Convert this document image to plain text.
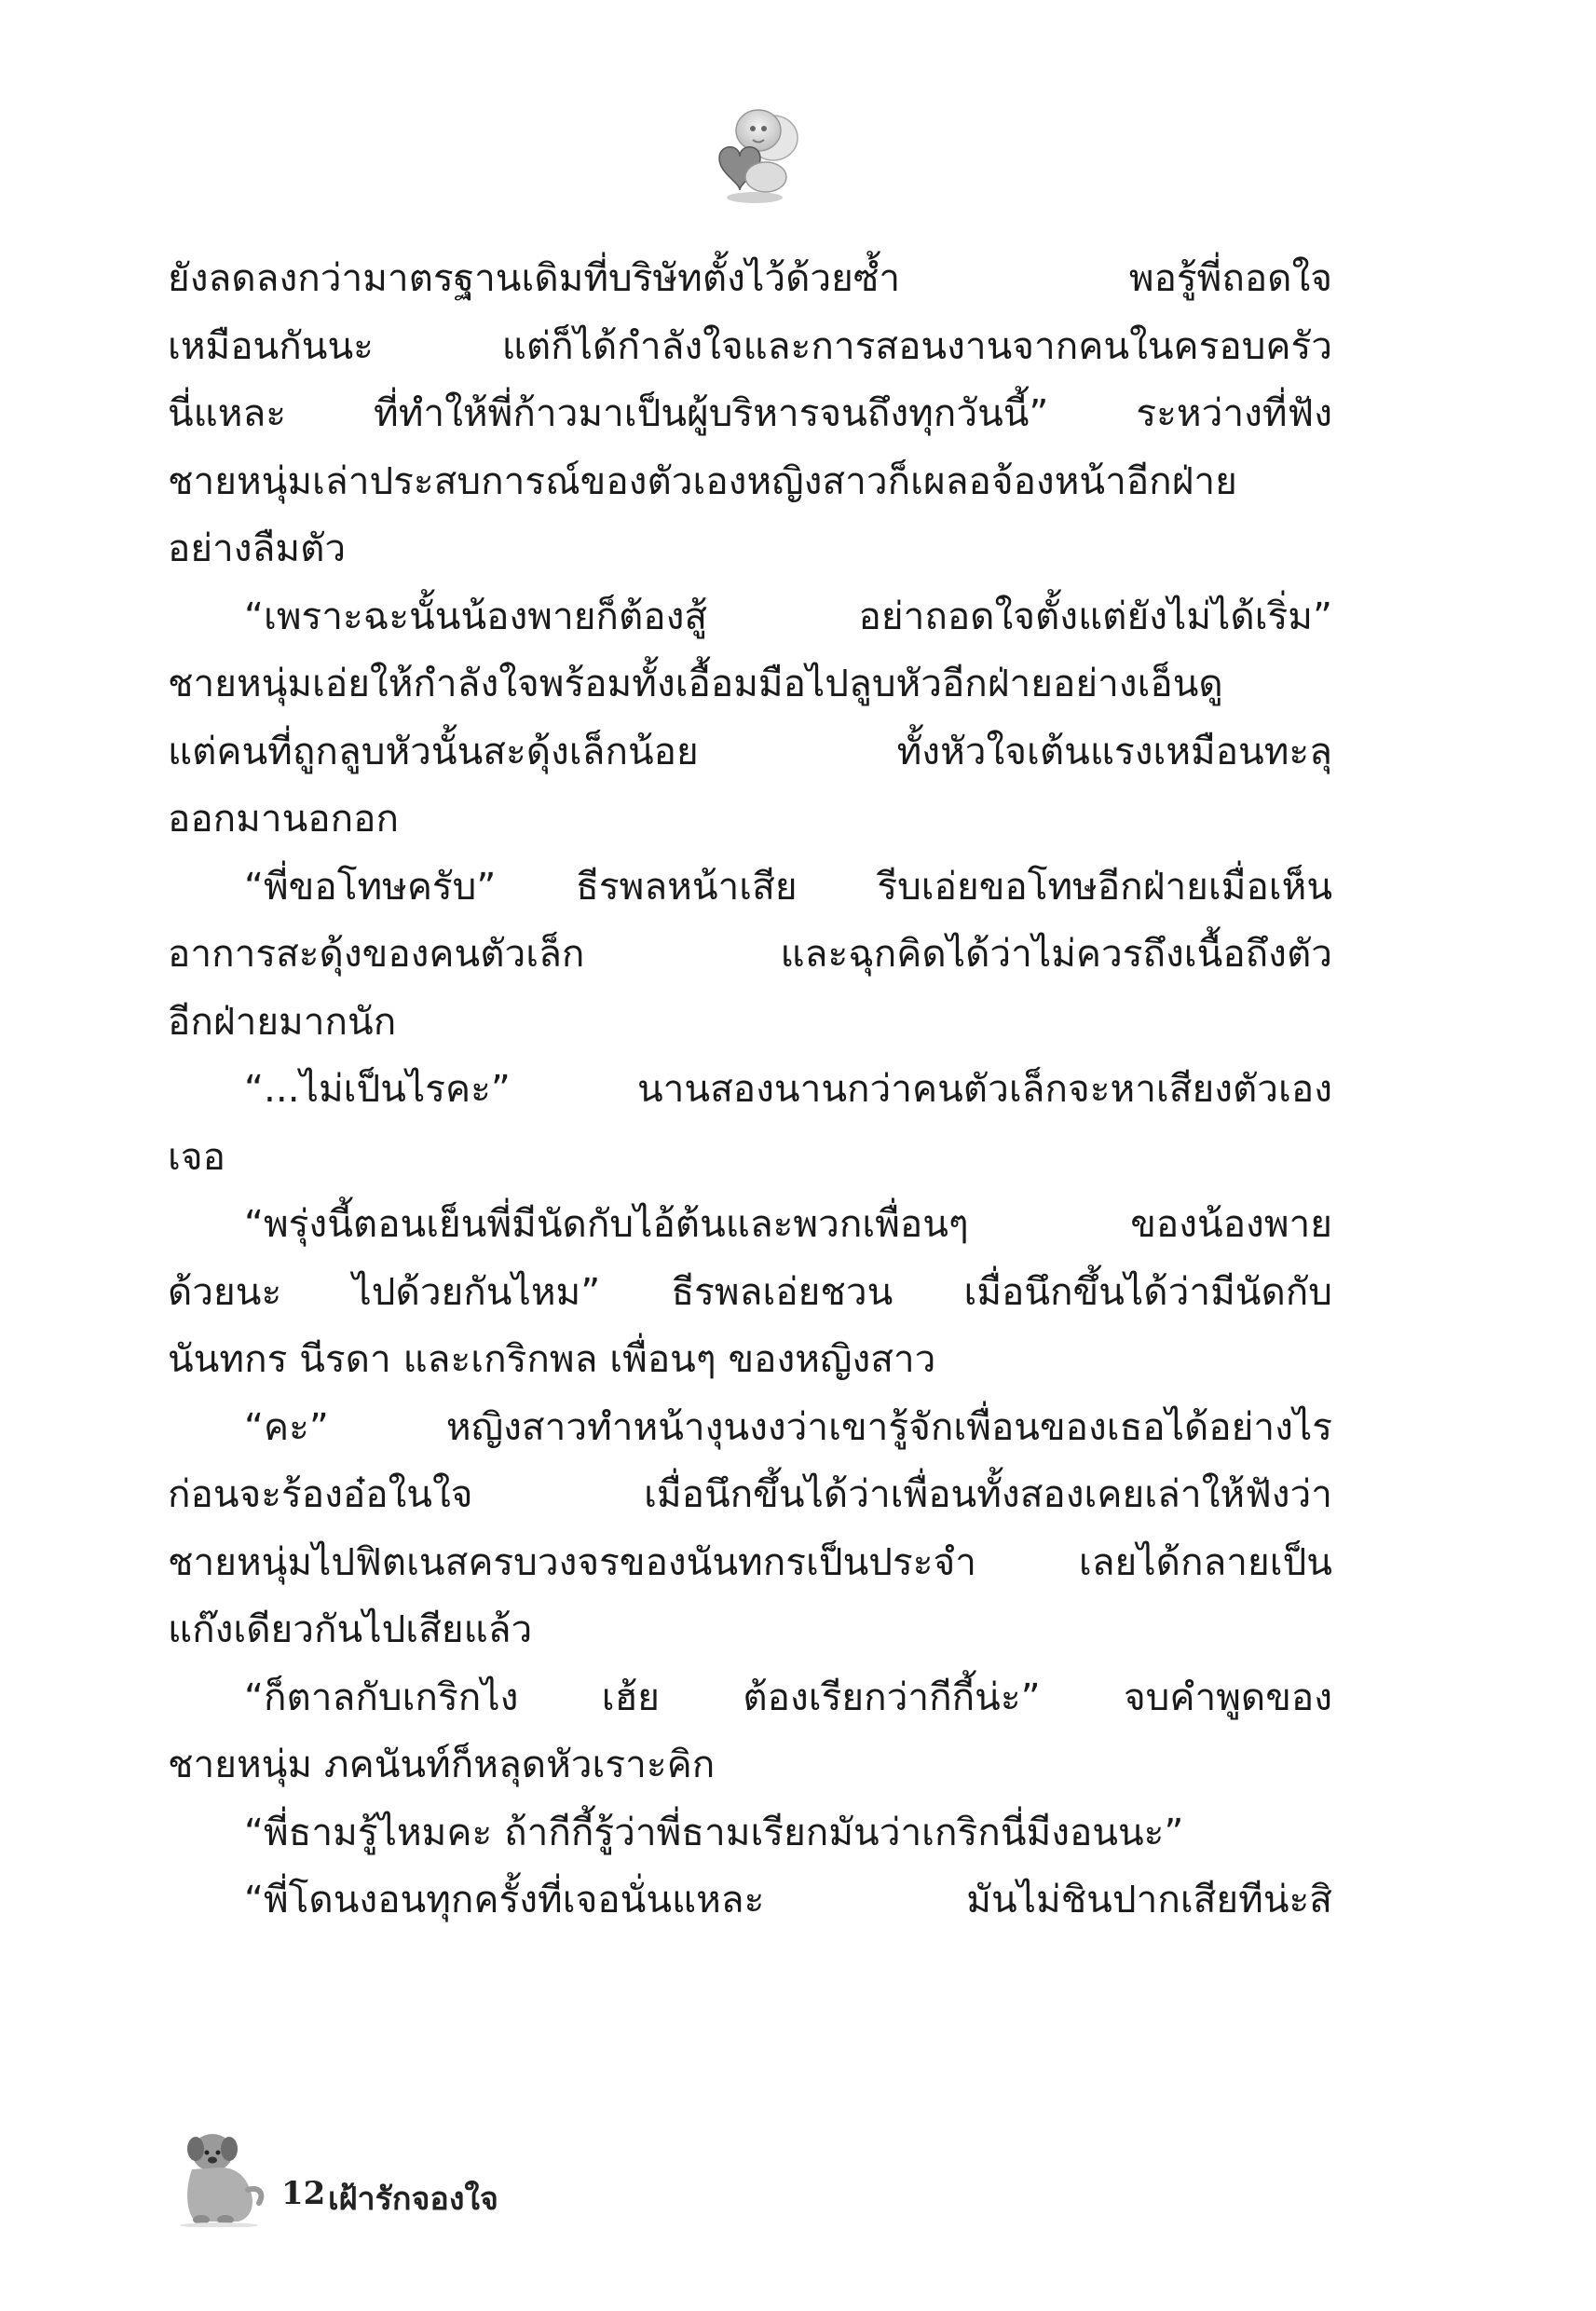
ยังลดลงกว่ามาตรฐานเดิมที่บริษัทตั้งไว้ด้วยซ้ำ พอรู้พี่ถอดใจ
เหมือนกันนะ แต่ก็ได้กำลังใจและการสอนงานจากคนในครอบครัว
นี่แหละ ที่ทำให้พี่ก้าวมาเป็นผู้บริหารจนถึงทุกวันนี้” ระหว่างที่ฟัง
ชายหนุ่มเล่าประสบการณ์ของตัวเองหญิงสาวก็เผลอจ้องหน้าอีกฝ่าย
อย่างลืมตัว
“เพราะฉะนั้นน้องพายก็ต้องสู้ อย่าถอดใจตั้งแต่ยังไม่ได้เริ่ม”
ชายหนุ่มเอ่ยให้กำลังใจพร้อมทั้งเอื้อมมือไปลูบหัวอีกฝ่ายอย่างเอ็นดู
แต่คนที่ถูกลูบหัวนั้นสะดุ้งเล็กน้อย ทั้งหัวใจเต้นแรงเหมือนทะลุ
ออกมานอกอก
“พี่ขอโทษครับ” ธีรพลหน้าเสีย รีบเอ่ยขอโทษอีกฝ่ายเมื่อเห็น
อาการสะดุ้งของคนตัวเล็ก และฉุกคิดได้ว่าไม่ควรถึงเนื้อถึงตัว
อีกฝ่ายมากนัก
“...ไม่เป็นไรคะ” นานสองนานกว่าคนตัวเล็กจะหาเสียงตัวเอง
เจอ
“พรุ่งนี้ตอนเย็นพี่มีนัดกับไอ้ต้นและพวกเพื่อนๆ ของน้องพาย
ด้วยนะ ไปด้วยกันไหม” ธีรพลเอ่ยชวน เมื่อนึกขึ้นได้ว่ามีนัดกับ
นันทกร นีรดา และเกริกพล เพื่อนๆ ของหญิงสาว
“คะ” หญิงสาวทำหน้างุนงงว่าเขารู้จักเพื่อนของเธอได้อย่างไร
ก่อนจะร้องอ๋อในใจ เมื่อนึกขึ้นได้ว่าเพื่อนทั้งสองเคยเล่าให้ฟังว่า
ชายหนุ่มไปฟิตเนสครบวงจรของนันทกรเป็นประจำ เลยได้กลายเป็น
แก๊งเดียวกันไปเสียแล้ว
“ก็ตาลกับเกริกไง เฮ้ย ต้องเรียกว่ากีกี้น่ะ” จบคำพูดของ
ชายหนุ่ม ภคนันท์ก็หลุดหัวเราะคิก
“พี่ธามรู้ไหมคะ ถ้ากีกี้รู้ว่าพี่ธามเรียกมันว่าเกริกนี่มีงอนนะ”
“พี่โดนงอนทุกครั้งที่เจอนั่นแหละ มันไม่ชินปากเสียทีน่ะสิ
12 เฝ้ารักจองใจ
